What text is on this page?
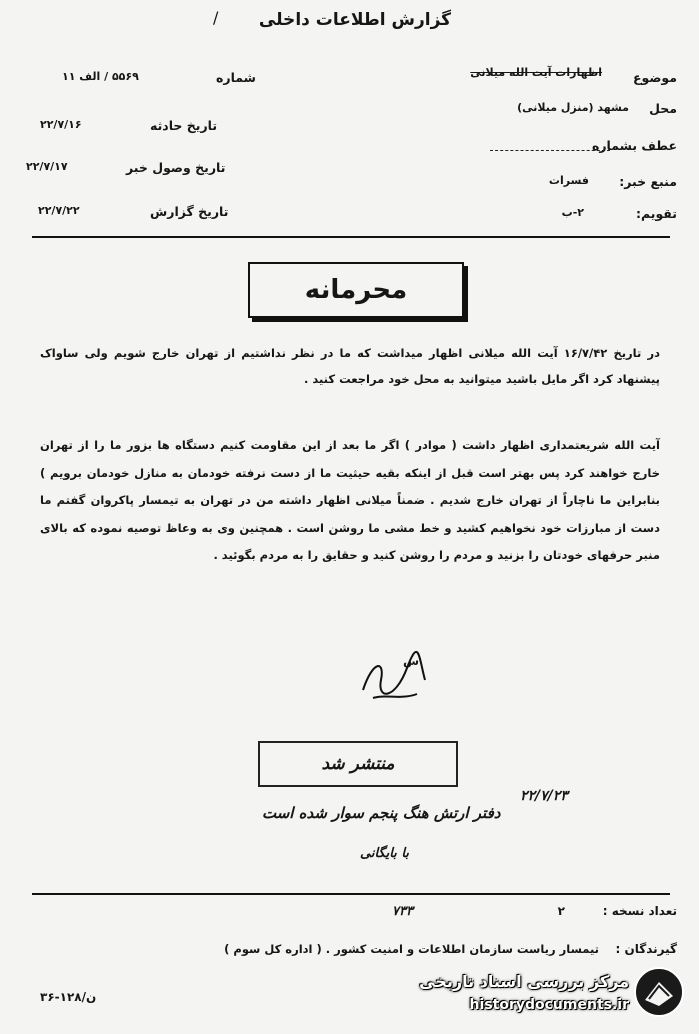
گزارش اطلاعات داخلی
/
موضوع
اظهارات آیت الله میلانی
محل
مشهد (منزل میلانی)
عطف بشماره
منبع خبر:
فسرات
تقویم:
۲-ب
شماره
۵۵۶۹ / الف ۱۱
تاریخ حادثه
۲۲/۷/۱۶
تاریخ وصول خبر
۲۲/۷/۱۷
تاریخ گزارش
۲۲/۷/۲۲
محرمانه
در تاریخ ۱۶/۷/۴۲ آیت الله میلانی اظهار میداشت که ما در نظر نداشتیم از تهران خارج شویم ولی ساواک پیشنهاد کرد اگر مایل باشید میتوانید به محل خود مراجعت کنید .
آیت الله شریعتمداری اظهار داشت ( موادر ) اگر ما بعد از این مقاومت کنیم دستگاه ها بزور ما را از تهران خارج خواهند کرد پس بهتر است قبل از اینکه بقیه حیثیت ما از دست نرفته خودمان به منازل خودمان برویم ) بنابراین ما ناچاراً از تهران خارج شدیم . ضمناً میلانی اظهار داشته من در تهران به تیمسار پاکروان گفتم ما دست از مبارزات خود نخواهیم کشید و خط مشی ما روشن است . همچنین وی به وعاظ توصیه نموده که بالای منبر حرفهای خودتان را بزنید و مردم را روشن کنید و حقایق را به مردم بگوئید .
س
منتشر شد
دفتر ارتش هنگ پنجم سوار شده است
با بایگانی
۲۲/۷/۲۳
۷۳۳	تعداد نسخه :
۲
گیرندگان :
تیمسار ریاست سازمان اطلاعات و امنیت کشور . ( اداره کل سوم )
۳۶-۱۲۸/ن
مرکز بررسی اسناد تاریخی
historydocuments.ir
